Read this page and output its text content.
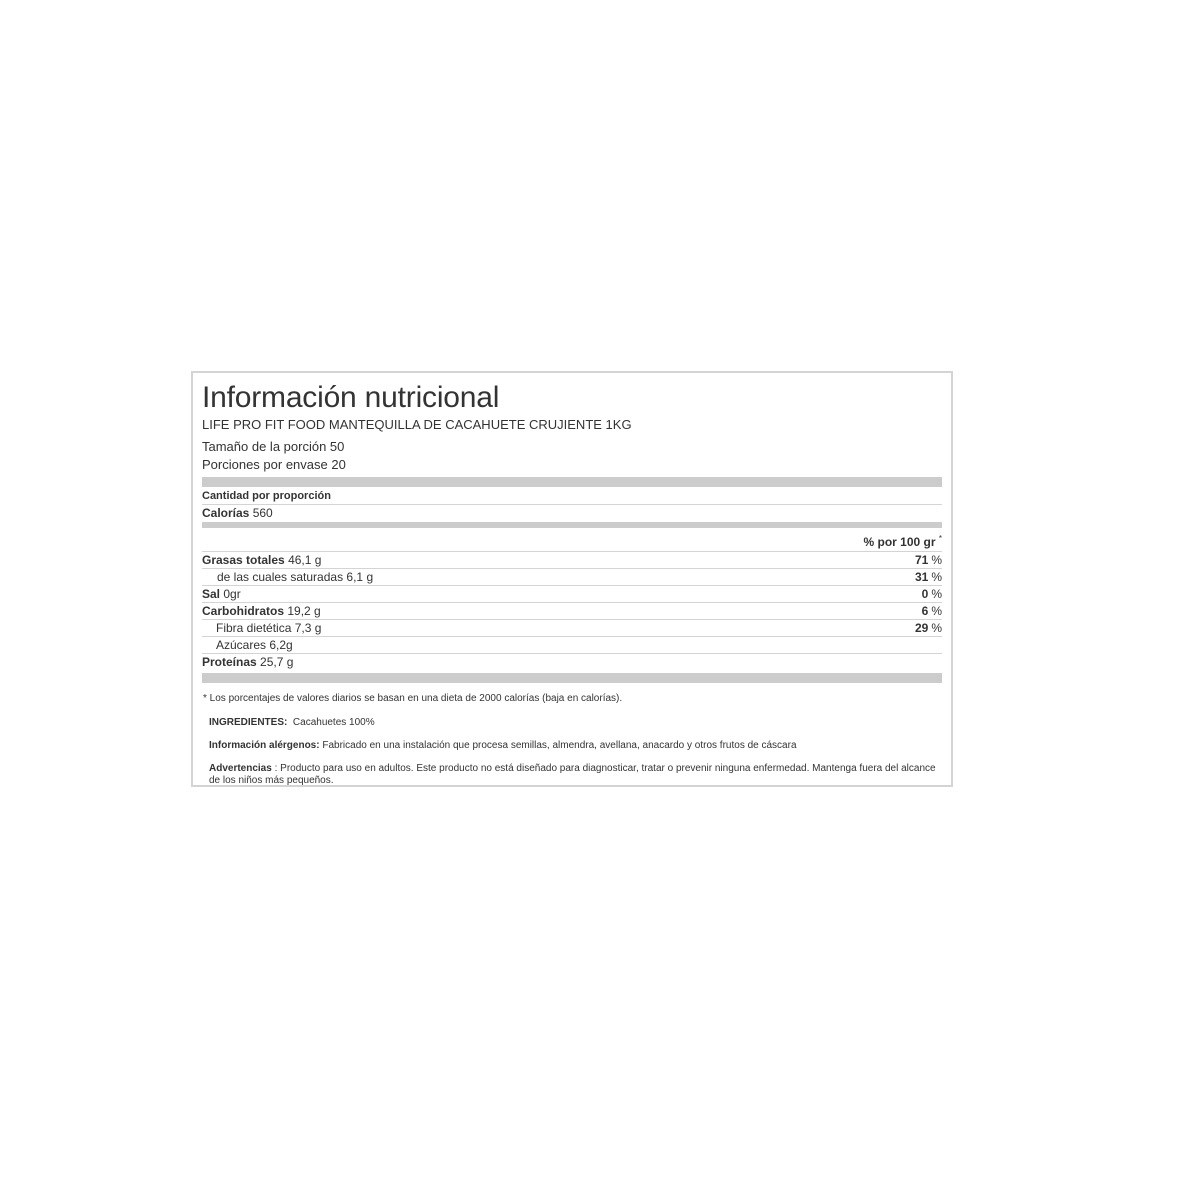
Información nutricional
LIFE PRO FIT FOOD MANTEQUILLA DE CACAHUETE CRUJIENTE 1KG
Tamaño de la porción 50
Porciones por envase 20
Cantidad por proporción
Calorías 560
% por 100 gr *
Grasas totales 46,1 g	71 %
de las cuales saturadas 6,1 g	31 %
Sal 0gr	0 %
Carbohidratos 19,2 g	6 %
Fibra dietética 7,3 g	29 %
Azúcares 6,2g
Proteínas 25,7 g
* Los porcentajes de valores diarios se basan en una dieta de 2000 calorías (baja en calorías).
INGREDIENTES: Cacahuetes 100%
Información alérgenos: Fabricado en una instalación que procesa semillas, almendra, avellana, anacardo y otros frutos de cáscara
Advertencias : Producto para uso en adultos. Este producto no está diseñado para diagnosticar, tratar o prevenir ninguna enfermedad. Mantenga fuera del alcance de los niños más pequeños.
